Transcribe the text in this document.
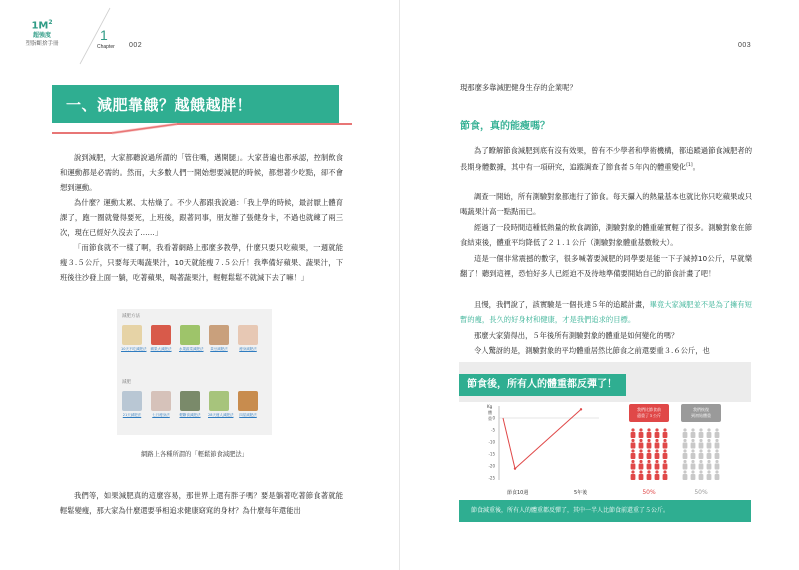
$1M^2$
超強度
塑脂斷捨手冊
1
Chapter 002	003
一、減肥靠餓？越餓越胖！
說到減肥，大家都聽說過所謂的「管住嘴，邁開腿」。大家普遍也都承認，控制飲食和運動都是必需的。然而，大多數人們一開始想要減肥的時候，都想著少吃點，卻不會想到運動。
為什麼？運動太累、太枯燥了。不少人都跟我說過：「我上學的時候，最討厭上體育課了，跑一圈就覺得要死，上班後，跟著同事，朋友辦了張健身卡，不過也就練了兩三次，現在已經好久沒去了……」
「而節食就不一樣了啊，我看著網路上那麼多教學，什麼只要只吃蘋果，一週就能瘦３.５公斤，只要每天喝蔬果汁，10天就能瘦７.５公斤！我準備好蘋果、蔬果汁，下班後往沙發上面一躺，吃著蘋果，喝著蔬果汁，輕輕鬆鬆不就減下去了嘛！」
減肥方法
10天不吃減肥法 蘋果大減肥法 水果蔬菜減肥法	黃豆減肥法	瘦身減肥法
減肥
21天減肥法	七日瘦身法	輕斷食減肥法 28天瘦人減肥法	四星減肥法
網路上各種所謂的「輕鬆節食減肥法」
我們等，如果減肥真的這麼容易，那世界上還有胖子嗎？要是躺著吃著節食著就能輕鬆變瘦，那大家為什麼還要爭相追求健康窈窕的身材？為什麼每年還能出
現那麼多靠減肥健身生存的企業呢？
節食，真的能瘦嗎？
為了瞭解節食減肥到底有沒有效果，曾有不少學者和學術機構，都追蹤過節食減肥者的長期身體數據，其中有一項研究，追蹤調查了節食者５年內的體重變化[1]。
調查一開始，所有測驗對象都進行了節食。每天攝入的熱量基本也就比你只吃蘋果或只喝蔬果汁高一點點而已。
經過了一段時間這種低熱量的飲食調節，測驗對象的體重確實輕了很多。測驗對象在節食結束後，體重平均降低了２１.１公斤（測驗對象體重基數較大）。
這是一個非常震撼的數字，很多喊著要減肥的同學要是能一下子減掉10公斤，早就樂翻了！聽到這裡，恐怕好多人已經迫不及待地準備要開始自己的節食計畫了吧！
且慢，我們說了，該實驗是一個長達５年的追蹤計畫，畢竟大家減肥並不是為了擁有短暫的瘦，長久的好身材和健康，才是我們追求的目標。
那麼大家猜得出，５年後所有測驗對象的體重是如何變化的嗎？
令人驚訝的是，測驗對象的平均體重居然比節食之前還要重３.６公斤，也
節食後，所有人的體重都反彈了！
Kg
體
重 0
-5
-10
-15
-20
-25
節食10週	5年後
我們比節食前
還重了５公斤
我們恢復
到初始體重
50%	50%
節食減重後，所有人的體重都反彈了，其中一半人比節食前還重了５公斤。
